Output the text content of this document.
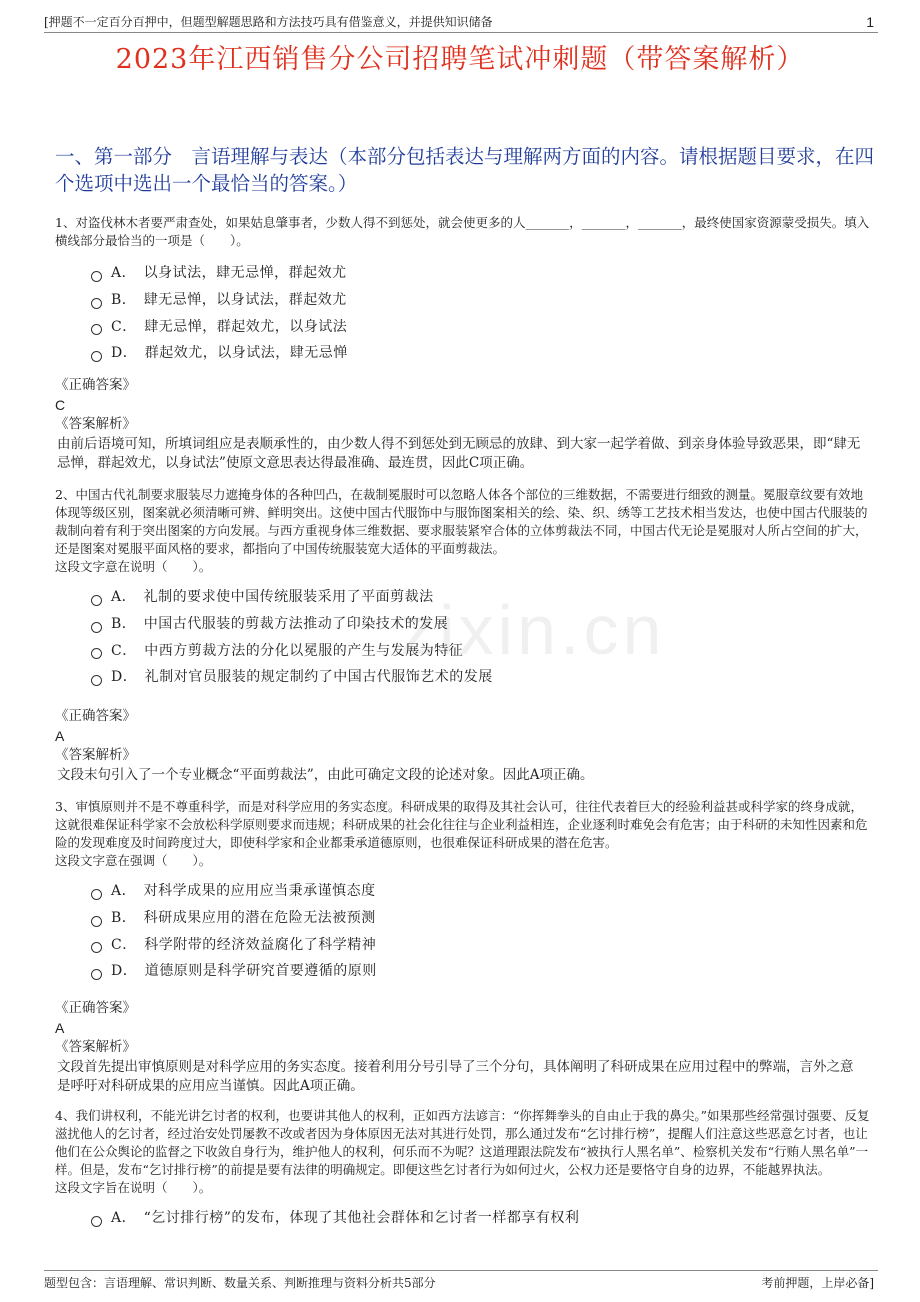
[押题不一定百分百押中，但题型解题思路和方法技巧具有借鉴意义，并提供知识储备	1
2023年江西销售分公司招聘笔试冲刺题（带答案解析）
一、第一部分　言语理解与表达（本部分包括表达与理解两方面的内容。请根据题目要求，在四个选项中选出一个最恰当的答案。）
zixin.cn

1、对盗伐林木者要严肃查处，如果姑息肇事者，少数人得不到惩处，就会使更多的人_______，_______，_______，最终使国家资源蒙受损失。填入横线部分最恰当的一项是（　　）。

A．　以身试法，肆无忌惮，群起效尤
B．　肆无忌惮，以身试法，群起效尤
C．　肆无忌惮，群起效尤，以身试法
D．　群起效尤，以身试法，肆无忌惮
《正确答案》
C
《答案解析》
由前后语境可知，所填词组应是表顺承性的，由少数人得不到惩处到无顾忌的放肆、到大家一起学着做、到亲身体验导致恶果，即“肆无忌惮，群起效尤，以身试法”使原文意思表达得最准确、最连贯，因此C项正确。

2、中国古代礼制要求服装尽力遮掩身体的各种凹凸，在裁制冕服时可以忽略人体各个部位的三维数据，不需要进行细致的测量。冕服章纹要有效地体现等级区别，图案就必须清晰可辨、鲜明突出。这使中国古代服饰中与服饰图案相关的绘、染、织、绣等工艺技术相当发达，也使中国古代服装的裁制向着有利于突出图案的方向发展。与西方重视身体三维数据、要求服装紧窄合体的立体剪裁法不同，中国古代无论是冕服对人所占空间的扩大，还是图案对冕服平面风格的要求，都指向了中国传统服装宽大适体的平面剪裁法。

这段文字意在说明（　　）。

A．　礼制的要求使中国传统服装采用了平面剪裁法
B．　中国古代服装的剪裁方法推动了印染技术的发展
C．　中西方剪裁方法的分化以冕服的产生与发展为特征
D．　礼制对官员服装的规定制约了中国古代服饰艺术的发展
《正确答案》
A
《答案解析》
文段末句引入了一个专业概念“平面剪裁法”，由此可确定文段的论述对象。因此A项正确。

3、审慎原则并不是不尊重科学，而是对科学应用的务实态度。科研成果的取得及其社会认可，往往代表着巨大的经验利益甚或科学家的终身成就，这就很难保证科学家不会放松科学原则要求而违规；科研成果的社会化往往与企业利益相连，企业逐利时难免会有危害；由于科研的未知性因素和危险的发现难度及时间跨度过大，即使科学家和企业都秉承道德原则，也很难保证科研成果的潜在危害。

这段文字意在强调（　　）。

A．　对科学成果的应用应当秉承谨慎态度
B．　科研成果应用的潜在危险无法被预测
C．　科学附带的经济效益腐化了科学精神
D．　道德原则是科学研究首要遵循的原则
《正确答案》
A
《答案解析》
文段首先提出审慎原则是对科学应用的务实态度。接着利用分号引导了三个分句，具体阐明了科研成果在应用过程中的弊端，言外之意是呼吁对科研成果的应用应当谨慎。因此A项正确。

4、我们讲权利，不能光讲乞讨者的权利，也要讲其他人的权利，正如西方法谚言：“你挥舞拳头的自由止于我的鼻尖。”如果那些经常强讨强要、反复滋扰他人的乞讨者，经过治安处罚屡教不改或者因为身体原因无法对其进行处罚，那么通过发布“乞讨排行榜”，提醒人们注意这些恶意乞讨者，也让他们在公众舆论的监督之下收敛自身行为，维护他人的权利，何乐而不为呢？这道理跟法院发布“被执行人黑名单”、检察机关发布“行贿人黑名单”一样。但是，发布“乞讨排行榜”的前提是要有法律的明确规定。即便这些乞讨者行为如何过火，公权力还是要恪守自身的边界，不能越界执法。

这段文字旨在说明（　　）。

A．　“乞讨排行榜”的发布，体现了其他社会群体和乞讨者一样都享有权利
题型包含：言语理解、常识判断、数量关系、判断推理与资料分析共5部分	考前押题，上岸必备]
